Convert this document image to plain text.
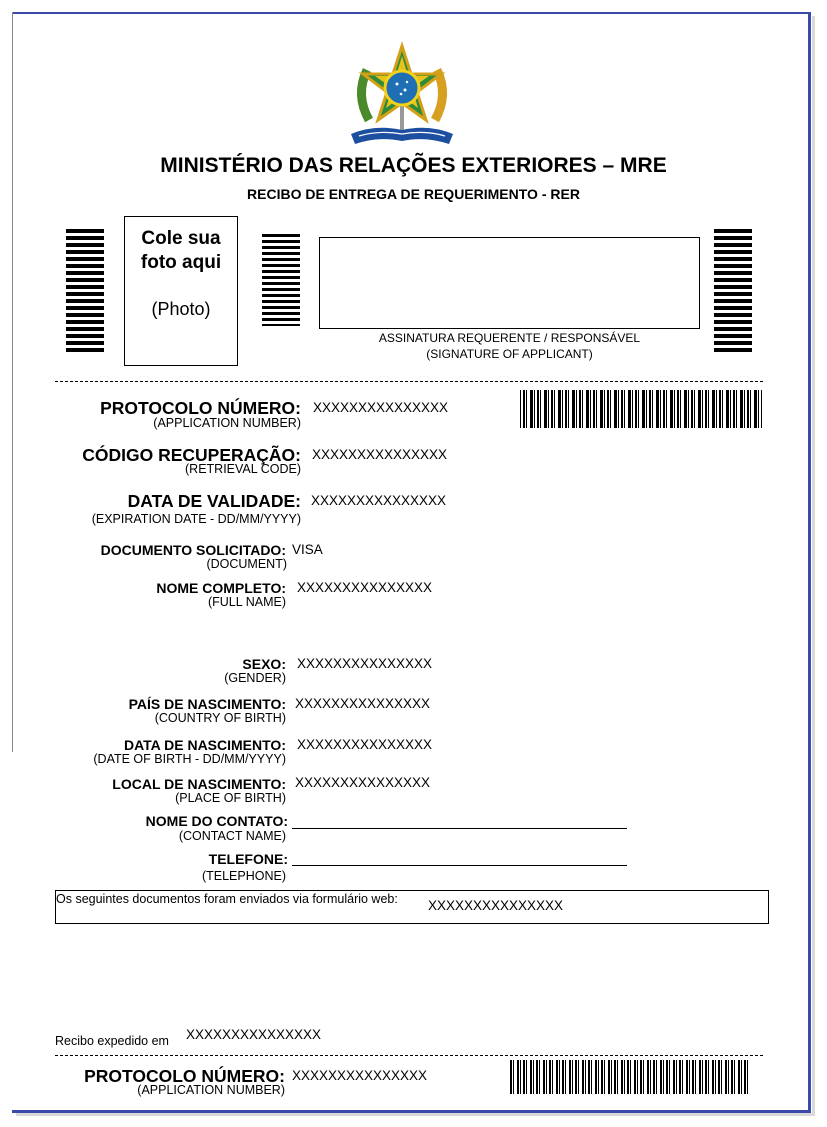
MINISTÉRIO DAS RELAÇÕES EXTERIORES – MRE
RECIBO DE ENTREGA DE REQUERIMENTO - RER
Cole sua
foto aqui
(Photo)
ASSINATURA REQUERENTE / RESPONSÁVEL
(SIGNATURE OF APPLICANT)
PROTOCOLO NÚMERO:
(APPLICATION NUMBER)
XXXXXXXXXXXXXXX
CÓDIGO RECUPERAÇÃO:
(RETRIEVAL CODE)
XXXXXXXXXXXXXXX
DATA DE VALIDADE:
(EXPIRATION DATE - DD/MM/YYYY)
XXXXXXXXXXXXXXX
DOCUMENTO SOLICITADO:
(DOCUMENT)
VISA
NOME COMPLETO:
(FULL NAME)
XXXXXXXXXXXXXXX
SEXO:
(GENDER)
XXXXXXXXXXXXXXX
PAÍS DE NASCIMENTO:
(COUNTRY OF BIRTH)
XXXXXXXXXXXXXXX
DATA DE NASCIMENTO:
(DATE OF BIRTH - DD/MM/YYYY)
XXXXXXXXXXXXXXX
LOCAL DE NASCIMENTO:
(PLACE OF BIRTH)
XXXXXXXXXXXXXXX
NOME DO CONTATO:
(CONTACT NAME)
TELEFONE:
(TELEPHONE)
Os seguintes documentos foram enviados via formulário web: XXXXXXXXXXXXXXX
Recibo expedido em XXXXXXXXXXXXXXX
PROTOCOLO NÚMERO:
(APPLICATION NUMBER)
XXXXXXXXXXXXXXX
